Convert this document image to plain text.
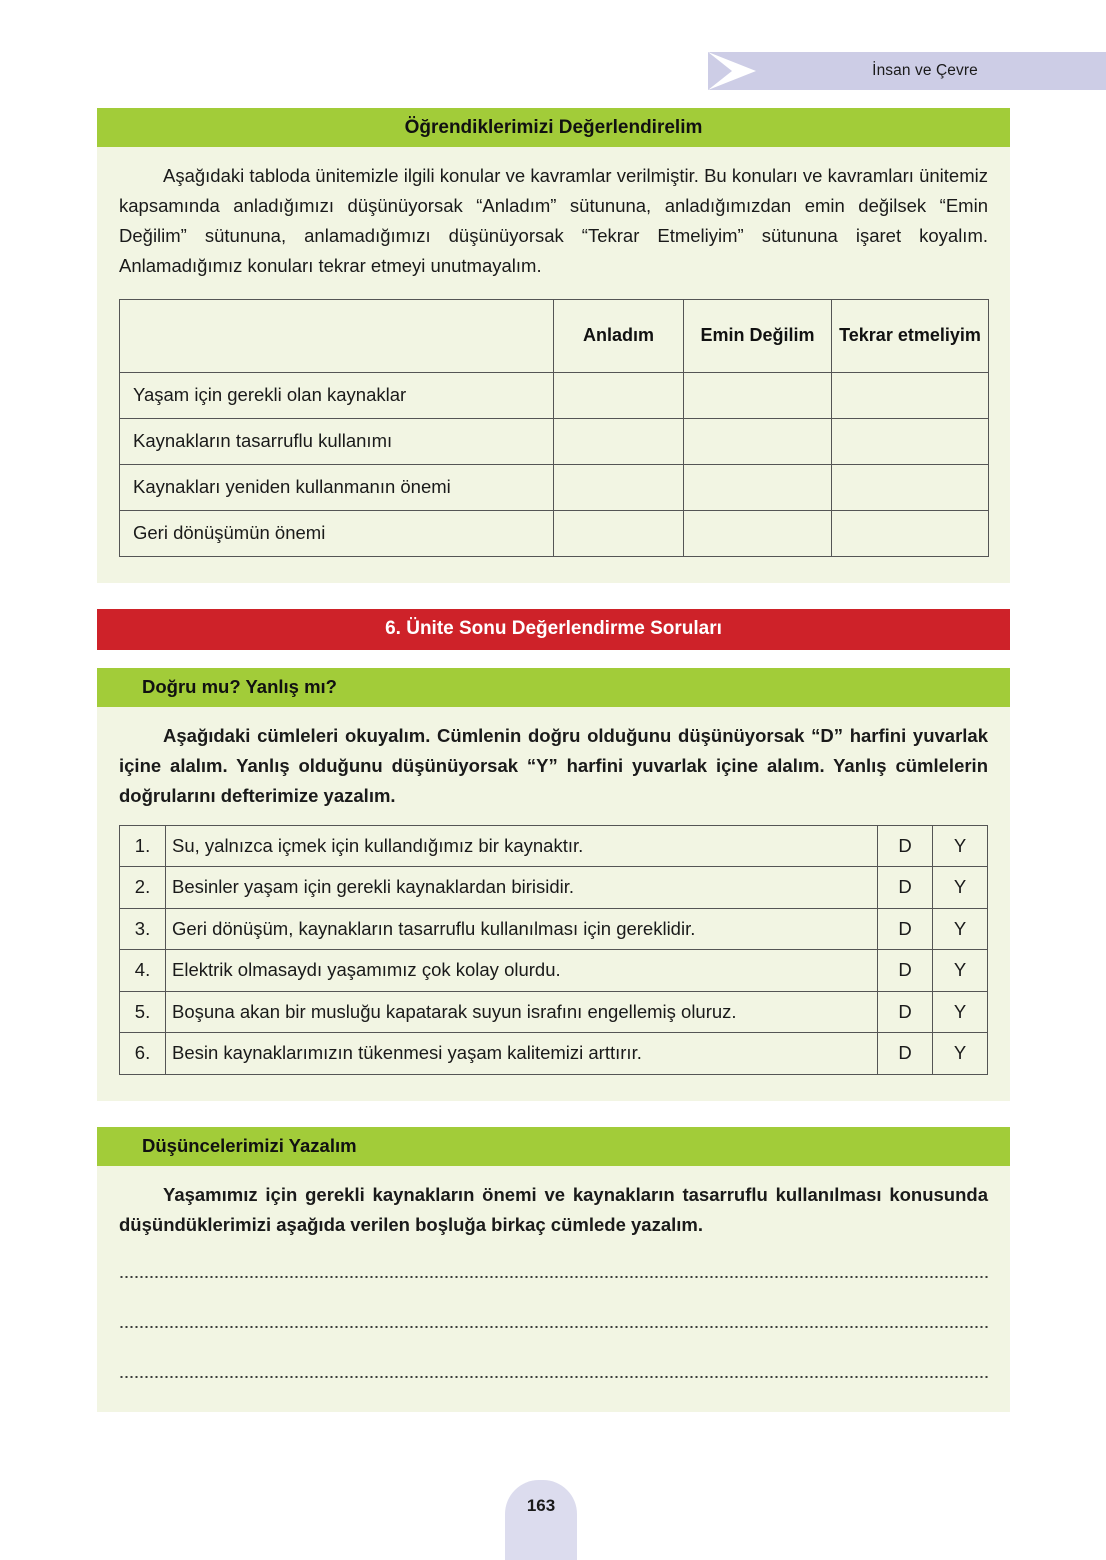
İnsan ve Çevre
Öğrendiklerimizi Değerlendirelim
Aşağıdaki tabloda ünitemizle ilgili konular ve kavramlar verilmiştir. Bu konuları ve kavramları ünitemiz kapsamında anladığımızı düşünüyorsak “Anladım” sütununa, anladığımızdan emin değilsek “Emin Değilim” sütununa, anlamadığımızı düşünüyorsak “Tekrar Etmeliyim” sütununa işaret koyalım. Anlamadığımız konuları tekrar etmeyi unutmayalım.
	Anladım	Emin Değilim	Tekrar etmeliyim
Yaşam için gerekli olan kaynaklar			
Kaynakların tasarruflu kullanımı			
Kaynakları yeniden kullanmanın önemi			
Geri dönüşümün önemi			
6. Ünite Sonu Değerlendirme Soruları
Doğru mu? Yanlış mı?
Aşağıdaki cümleleri okuyalım. Cümlenin doğru olduğunu düşünüyorsak “D” harfini yuvarlak içine alalım. Yanlış olduğunu düşünüyorsak “Y” harfini yuvarlak içine alalım. Yanlış cümlelerin doğrularını defterimize yazalım.
1.	Su, yalnızca içmek için kullandığımız bir kaynaktır.	D	Y
2.	Besinler yaşam için gerekli kaynaklardan birisidir.	D	Y
3.	Geri dönüşüm, kaynakların tasarruflu kullanılması için gereklidir.	D	Y
4.	Elektrik olmasaydı yaşamımız çok kolay olurdu.	D	Y
5.	Boşuna akan bir musluğu kapatarak suyun israfını engellemiş oluruz.	D	Y
6.	Besin kaynaklarımızın tükenmesi yaşam kalitemizi arttırır.	D	Y
Düşüncelerimizi Yazalım
Yaşamımız için gerekli kaynakların önemi ve kaynakların tasarruflu kullanılması konusunda düşündüklerimizi aşağıda verilen boşluğa birkaç cümlede yazalım.
163
